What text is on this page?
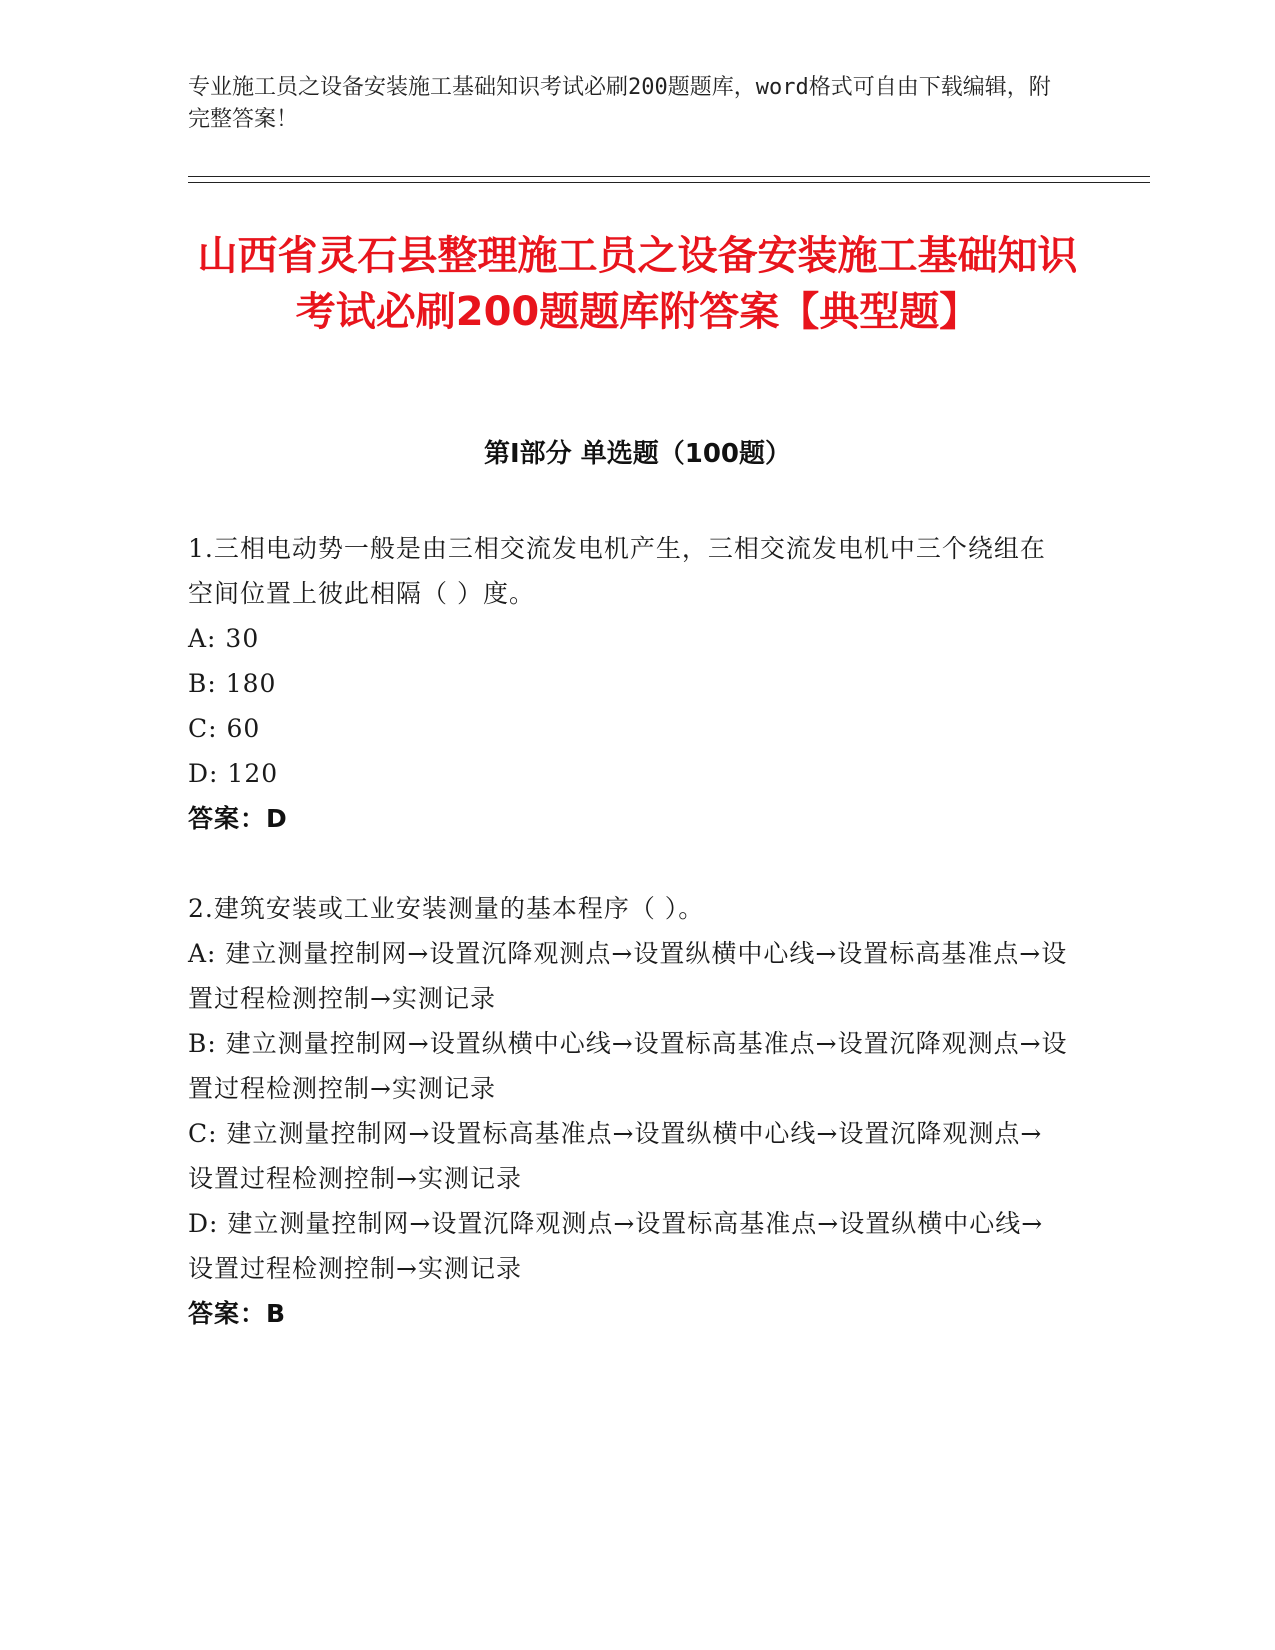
专业施工员之设备安装施工基础知识考试必刷200题题库，word格式可自由下载编辑，附完整答案！
山西省灵石县整理施工员之设备安装施工基础知识考试必刷200题题库附答案【典型题】
第I部分 单选题（100题）

1.三相电动势一般是由三相交流发电机产生，三相交流发电机中三个绕组在空间位置上彼此相隔（ ）度。

A: 30

B: 180

C: 60

D: 120

答案：D

2.建筑安装或工业安装测量的基本程序（ ）。

A: 建立测量控制网→设置沉降观测点→设置纵横中心线→设置标高基准点→设置过程检测控制→实测记录

B: 建立测量控制网→设置纵横中心线→设置标高基准点→设置沉降观测点→设置过程检测控制→实测记录

C: 建立测量控制网→设置标高基准点→设置纵横中心线→设置沉降观测点→设置过程检测控制→实测记录

D: 建立测量控制网→设置沉降观测点→设置标高基准点→设置纵横中心线→设置过程检测控制→实测记录

答案：B
